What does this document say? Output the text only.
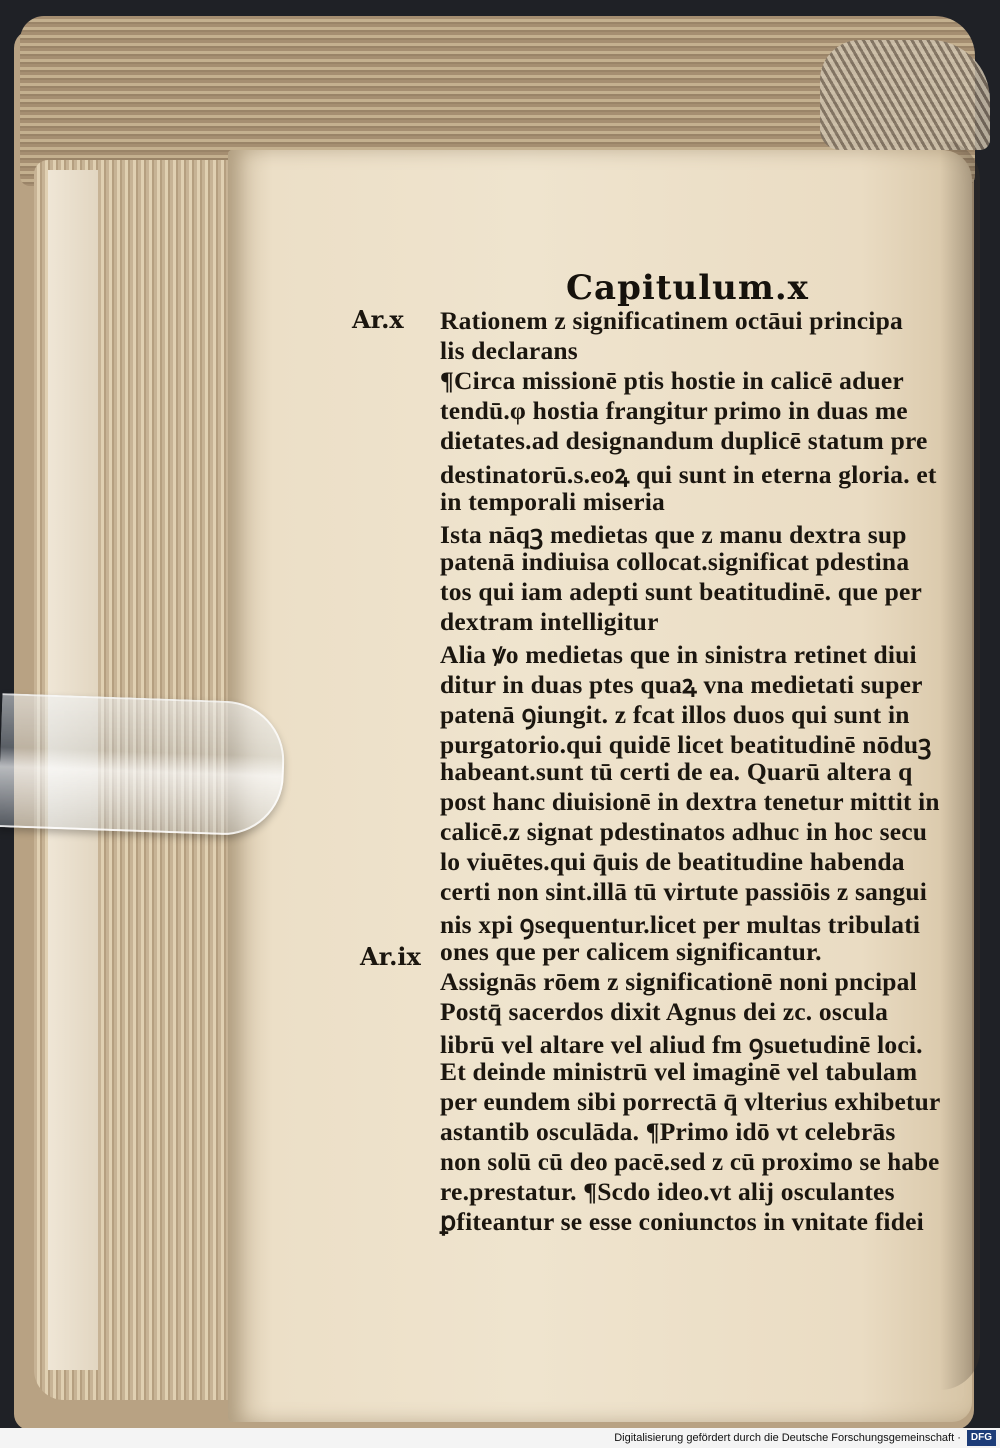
Capitulum.x
Ar.x
Ar.ix
Rationem z significatinem octāui principa
lis declarans
¶Circa missionē ptis hostie in calicē aduer
tendū.φ hostia frangitur primo in duas me
dietates.ad designandum duplicē statum pre
destinatorū.s.eoꝝ qui sunt in eterna gloria. et
in temporali miseria
Ista nāqꝫ medietas que z manu dextra sup
patenā indiuisa collocat.significat pdestina
tos qui iam adepti sunt beatitudinē. que per
dextram intelligitur
Alia ꝟo medietas que in sinistra retinet diui
ditur in duas ptes quaꝝ vna medietati super
patenā ꝯiungit. z fcat illos duos qui sunt in
purgatorio.qui quidē licet beatitudinē nōduꝫ
habeant.sunt tū certi de ea. Quarū altera q
post hanc diuisionē in dextra tenetur mittit in
calicē.z signat pdestinatos adhuc in hoc secu
lo viuētes.qui q̄uis de beatitudine habenda
certi non sint.illā tū virtute passiōis z sangui
nis xpi ꝯsequentur.licet per multas tribulati
ones que per calicem significantur.
Assignās rōem z significationē noni pncipal
Postq̄ sacerdos dixit Agnus dei zc. oscula
librū vel altare vel aliud fm ꝯsuetudinē loci.
Et deinde ministrū vel imaginē vel tabulam
per eundem sibi porrectā q̄ vlterius exhibetur
astantib osculāda. ¶Primo idō vt celebrās
non solū cū deo pacē.sed z cū proximo se habe
re.prestatur. ¶Scdo ideo.vt alij osculantes
ꝑfiteantur se esse coniunctos in vnitate fidei
Digitalisierung gefördert durch die Deutsche Forschungsgemeinschaft · DFG
